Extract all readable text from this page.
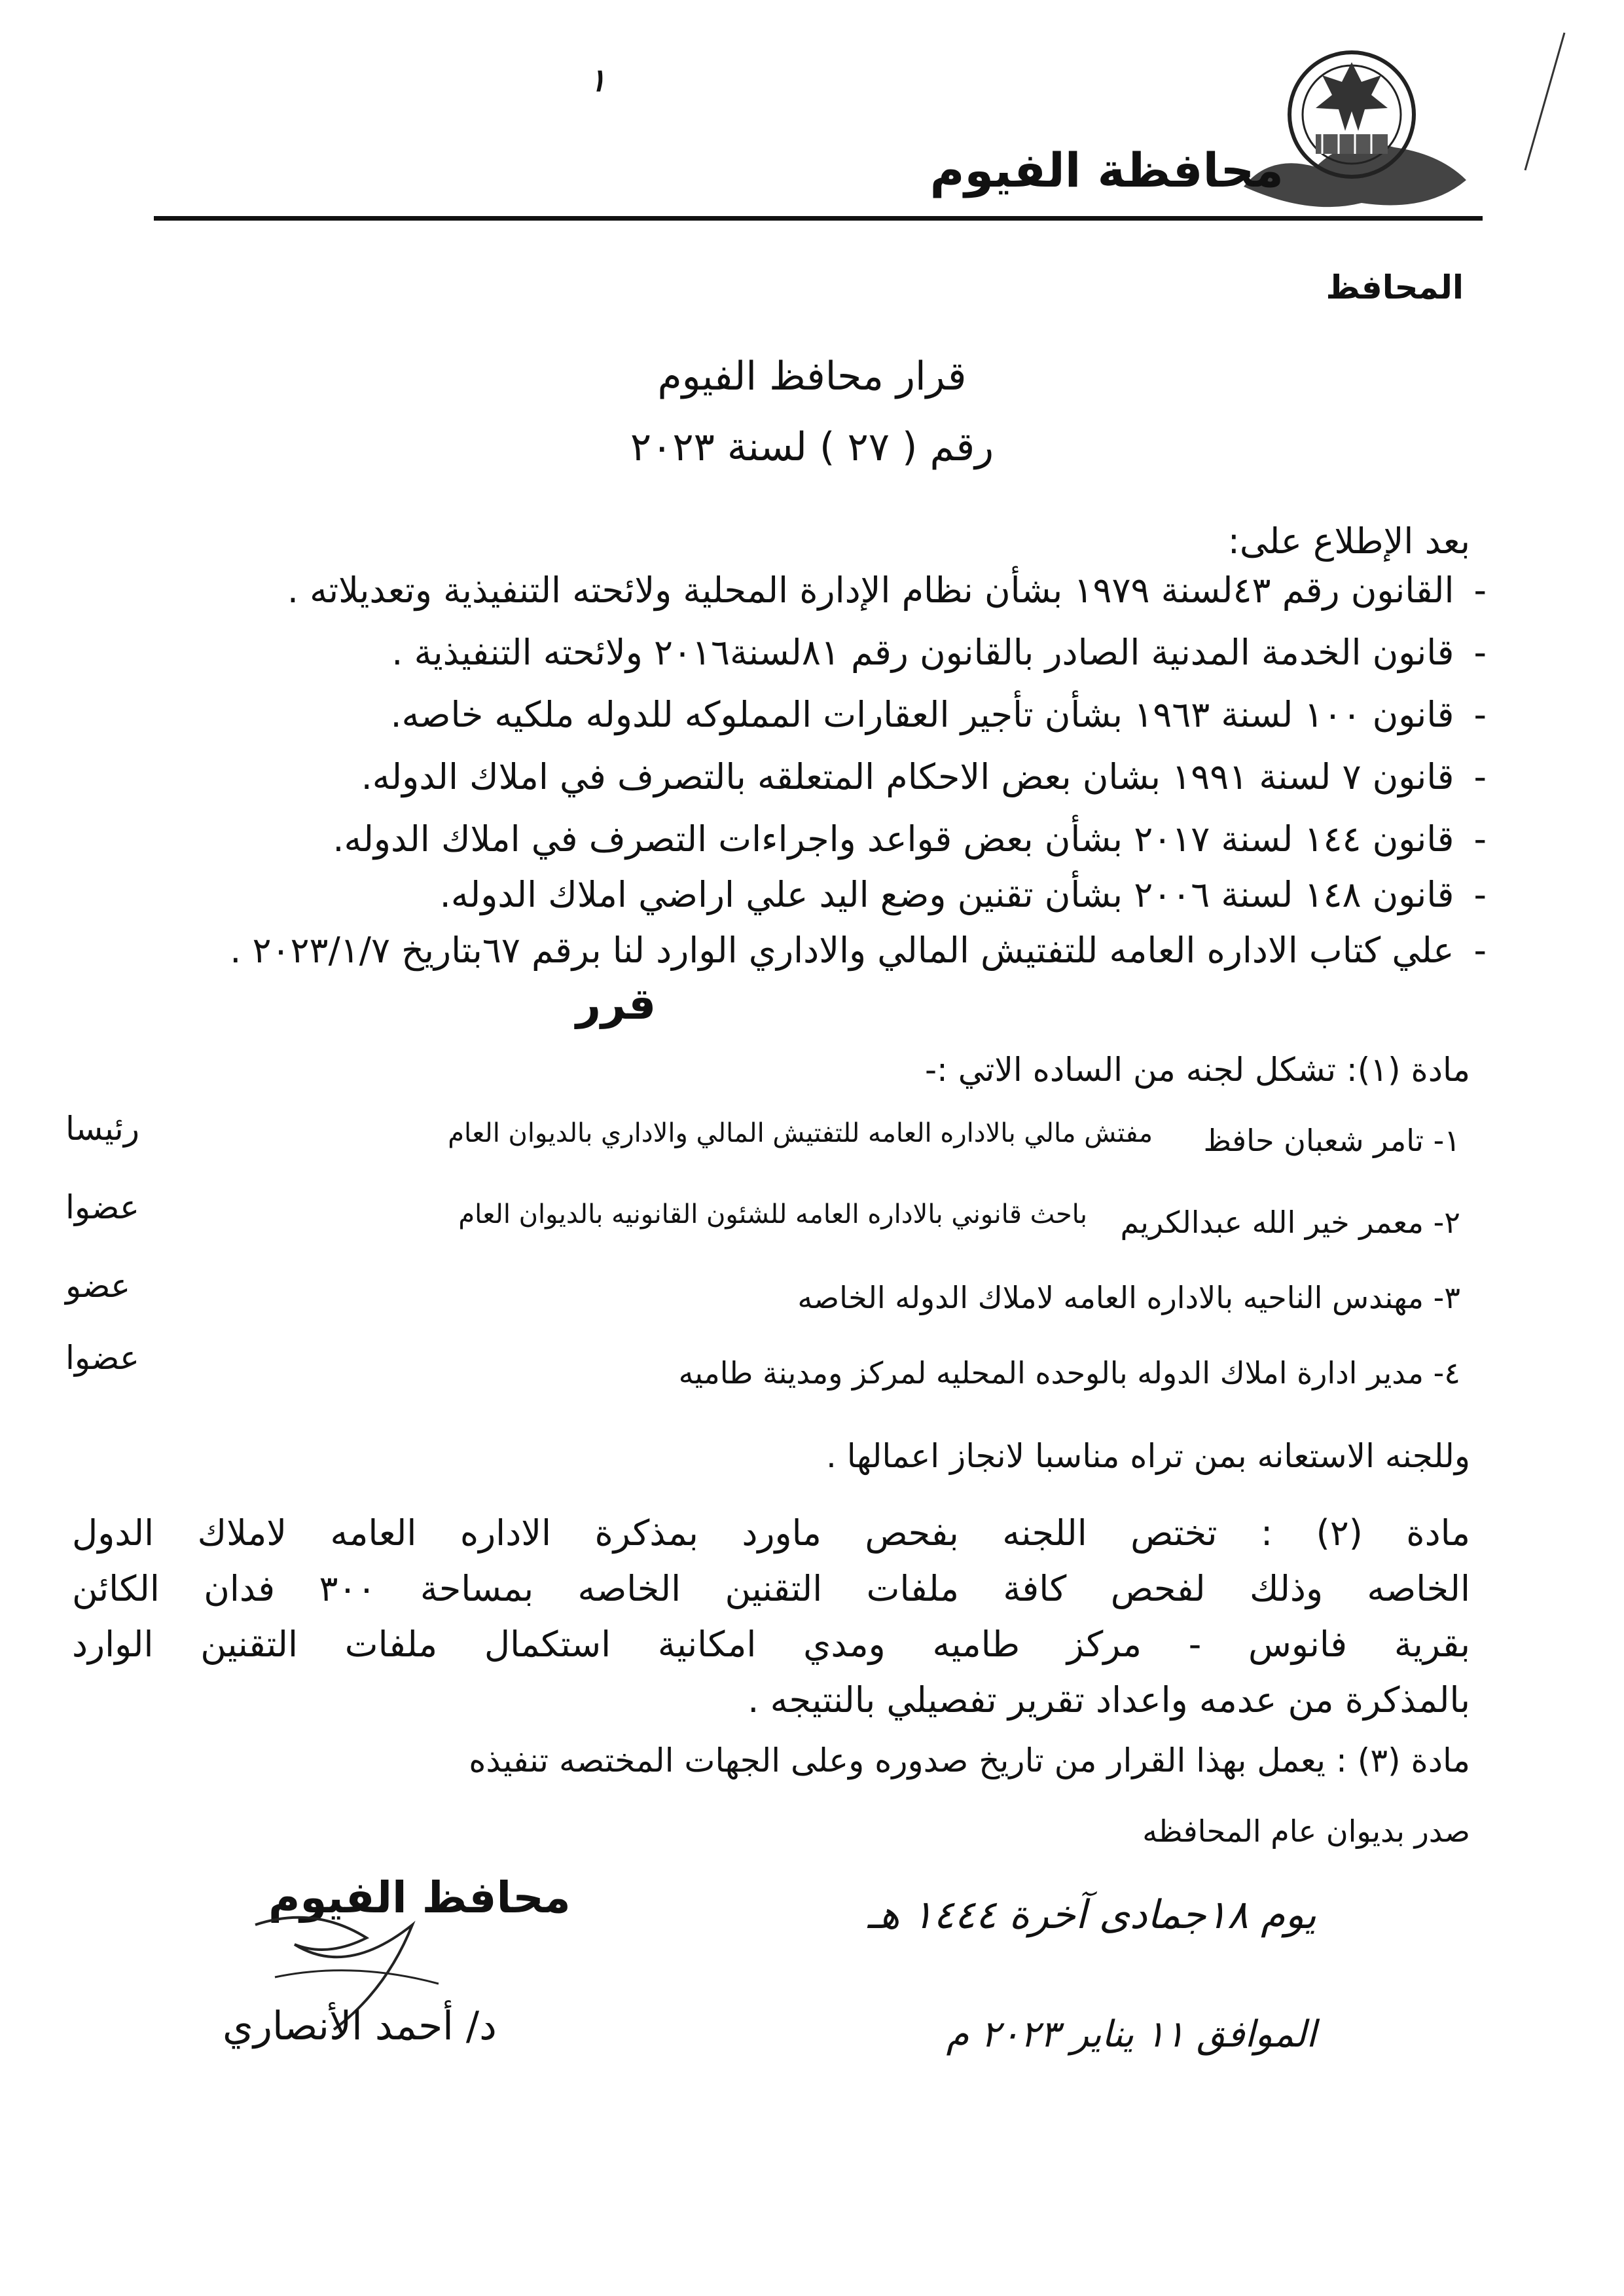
١
محافظة الفيوم
المحافظ
قرار محافظ الفيوم
رقم ( ٢٧ ) لسنة ٢٠٢٣
بعد الإطلاع على:
-القانون رقم ٤٣لسنة ١٩٧٩ بشأن نظام الإدارة المحلية ولائحته التنفيذية وتعديلاته .
-قانون الخدمة المدنية الصادر بالقانون رقم ٨١لسنة٢٠١٦ ولائحته التنفيذية .
-قانون ١٠٠ لسنة ١٩٦٣ بشأن تأجير العقارات المملوكه للدوله ملكيه خاصه.
-قانون ٧ لسنة ١٩٩١ بشان بعض الاحكام المتعلقه بالتصرف في املاك الدوله.
-قانون ١٤٤ لسنة ٢٠١٧ بشأن بعض قواعد واجراءات التصرف في املاك الدوله.
-قانون ١٤٨ لسنة ٢٠٠٦ بشأن تقنين وضع اليد علي اراضي املاك الدوله.
-علي كتاب الاداره العامه للتفتيش المالي والاداري الوارد لنا برقم ٦٧بتاريخ ٢٠٢٣/١/٧ .
قرر
مادة (١): تشكل لجنه من الساده الاتي :-
١- تامر شعبان حافظ
مفتش مالي بالاداره العامه للتفتيش المالي والاداري بالديوان العام
رئيسا
٢- معمر خير الله عبدالكريم
باحث قانوني بالاداره العامه للشئون القانونيه بالديوان العام
عضوا
٣- مهندس الناحيه بالاداره العامه لاملاك الدوله الخاصه
عضو
٤- مدير ادارة املاك الدوله بالوحده المحليه لمركز ومدينة طاميه
عضوا
وللجنه الاستعانه بمن تراه مناسبا لانجاز اعمالها .
مادة (٢) : تختص اللجنه بفحص ماورد بمذكرة الاداره العامه لاملاك الدول
الخاصه وذلك لفحص كافة ملفات التقنين الخاصه بمساحة ٣٠٠ فدان الكائن
بقرية فانوس - مركز طاميه ومدي امكانية استكمال ملفات التقنين الوارد
بالمذكرة من عدمه واعداد تقرير تفصيلي بالنتيجه .
مادة (٣) : يعمل بهذا القرار من تاريخ صدوره وعلى الجهات المختصه تنفيذه
صدر بديوان عام المحافظه
محافظ الفيوم
د/ أحمد الأنصاري
يوم ١٨جمادى آخرة ١٤٤٤ هـ
الموافق ١١ يناير ٢٠٢٣ م
